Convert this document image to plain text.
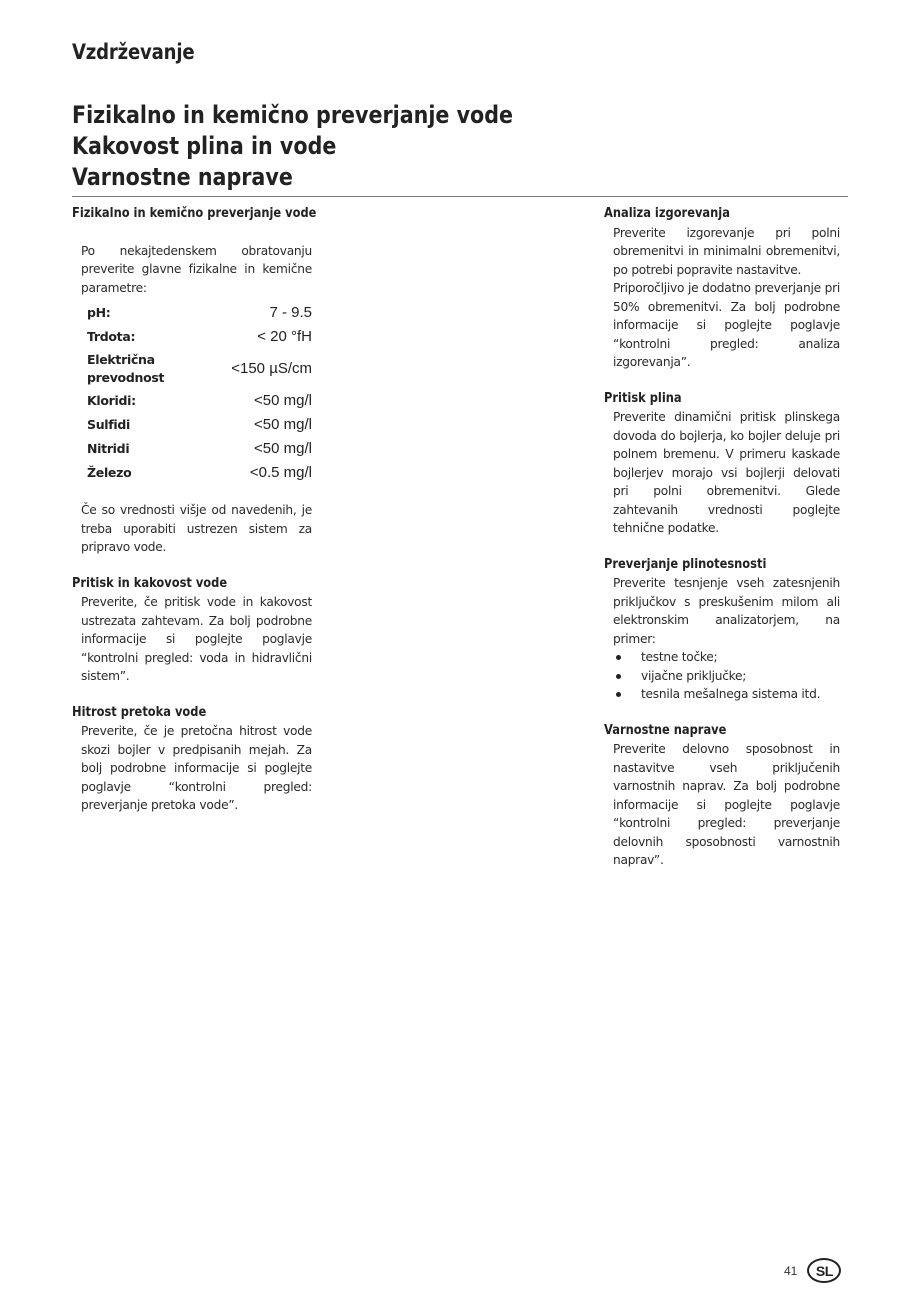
Vzdrževanje
Fizikalno in kemično preverjanje vode
Kakovost plina in vode
Varnostne naprave
Fizikalno in kemično preverjanje vode
Po nekajtedenskem obratovanju preverite glavne fizikalne in kemične parametre:
pH:	7 - 9.5
Trdota:	< 20 °fH
Električna prevodnost	<150 µS/cm
Kloridi:	<50 mg/l
Sulfidi	<50 mg/l
Nitridi	<50 mg/l
Železo	<0.5 mg/l
Če so vrednosti višje od navedenih, je treba uporabiti ustrezen sistem za pripravo vode.
Pritisk in kakovost vode
Preverite, če pritisk vode in kakovost ustrezata zahtevam. Za bolj podrobne informacije si poglejte poglavje “kontrolni pregled: voda in hidravlični sistem”.
Hitrost pretoka vode
Preverite, če je pretočna hitrost vode skozi bojler v predpisanih mejah. Za bolj podrobne informacije si poglejte poglavje “kontrolni pregled: preverjanje pretoka vode”.
Analiza izgorevanja
Preverite izgorevanje pri polni obremenitvi in minimalni obremenitvi, po potrebi popravite nastavitve.
Priporočljivo je dodatno preverjanje pri 50% obremenitvi. Za bolj podrobne informacije si poglejte poglavje “kontrolni pregled: analiza izgorevanja”.
Pritisk plina
Preverite dinamični pritisk plinskega dovoda do bojlerja, ko bojler deluje pri polnem bremenu. V primeru kaskade bojlerjev morajo vsi bojlerji delovati pri polni obremenitvi. Glede zahtevanih vrednosti poglejte tehnične podatke.
Preverjanje plinotesnosti
Preverite tesnjenje vseh zatesnjenih priključkov s preskušenim milom ali elektronskim analizatorjem, na primer:
testne točke;
vijačne priključke;
tesnila mešalnega sistema itd.
Varnostne naprave
Preverite delovno sposobnost in nastavitve vseh priključenih varnostnih naprav. Za bolj podrobne informacije si poglejte poglavje “kontrolni pregled: preverjanje delovnih sposobnosti varnostnih naprav”.
41	SL
